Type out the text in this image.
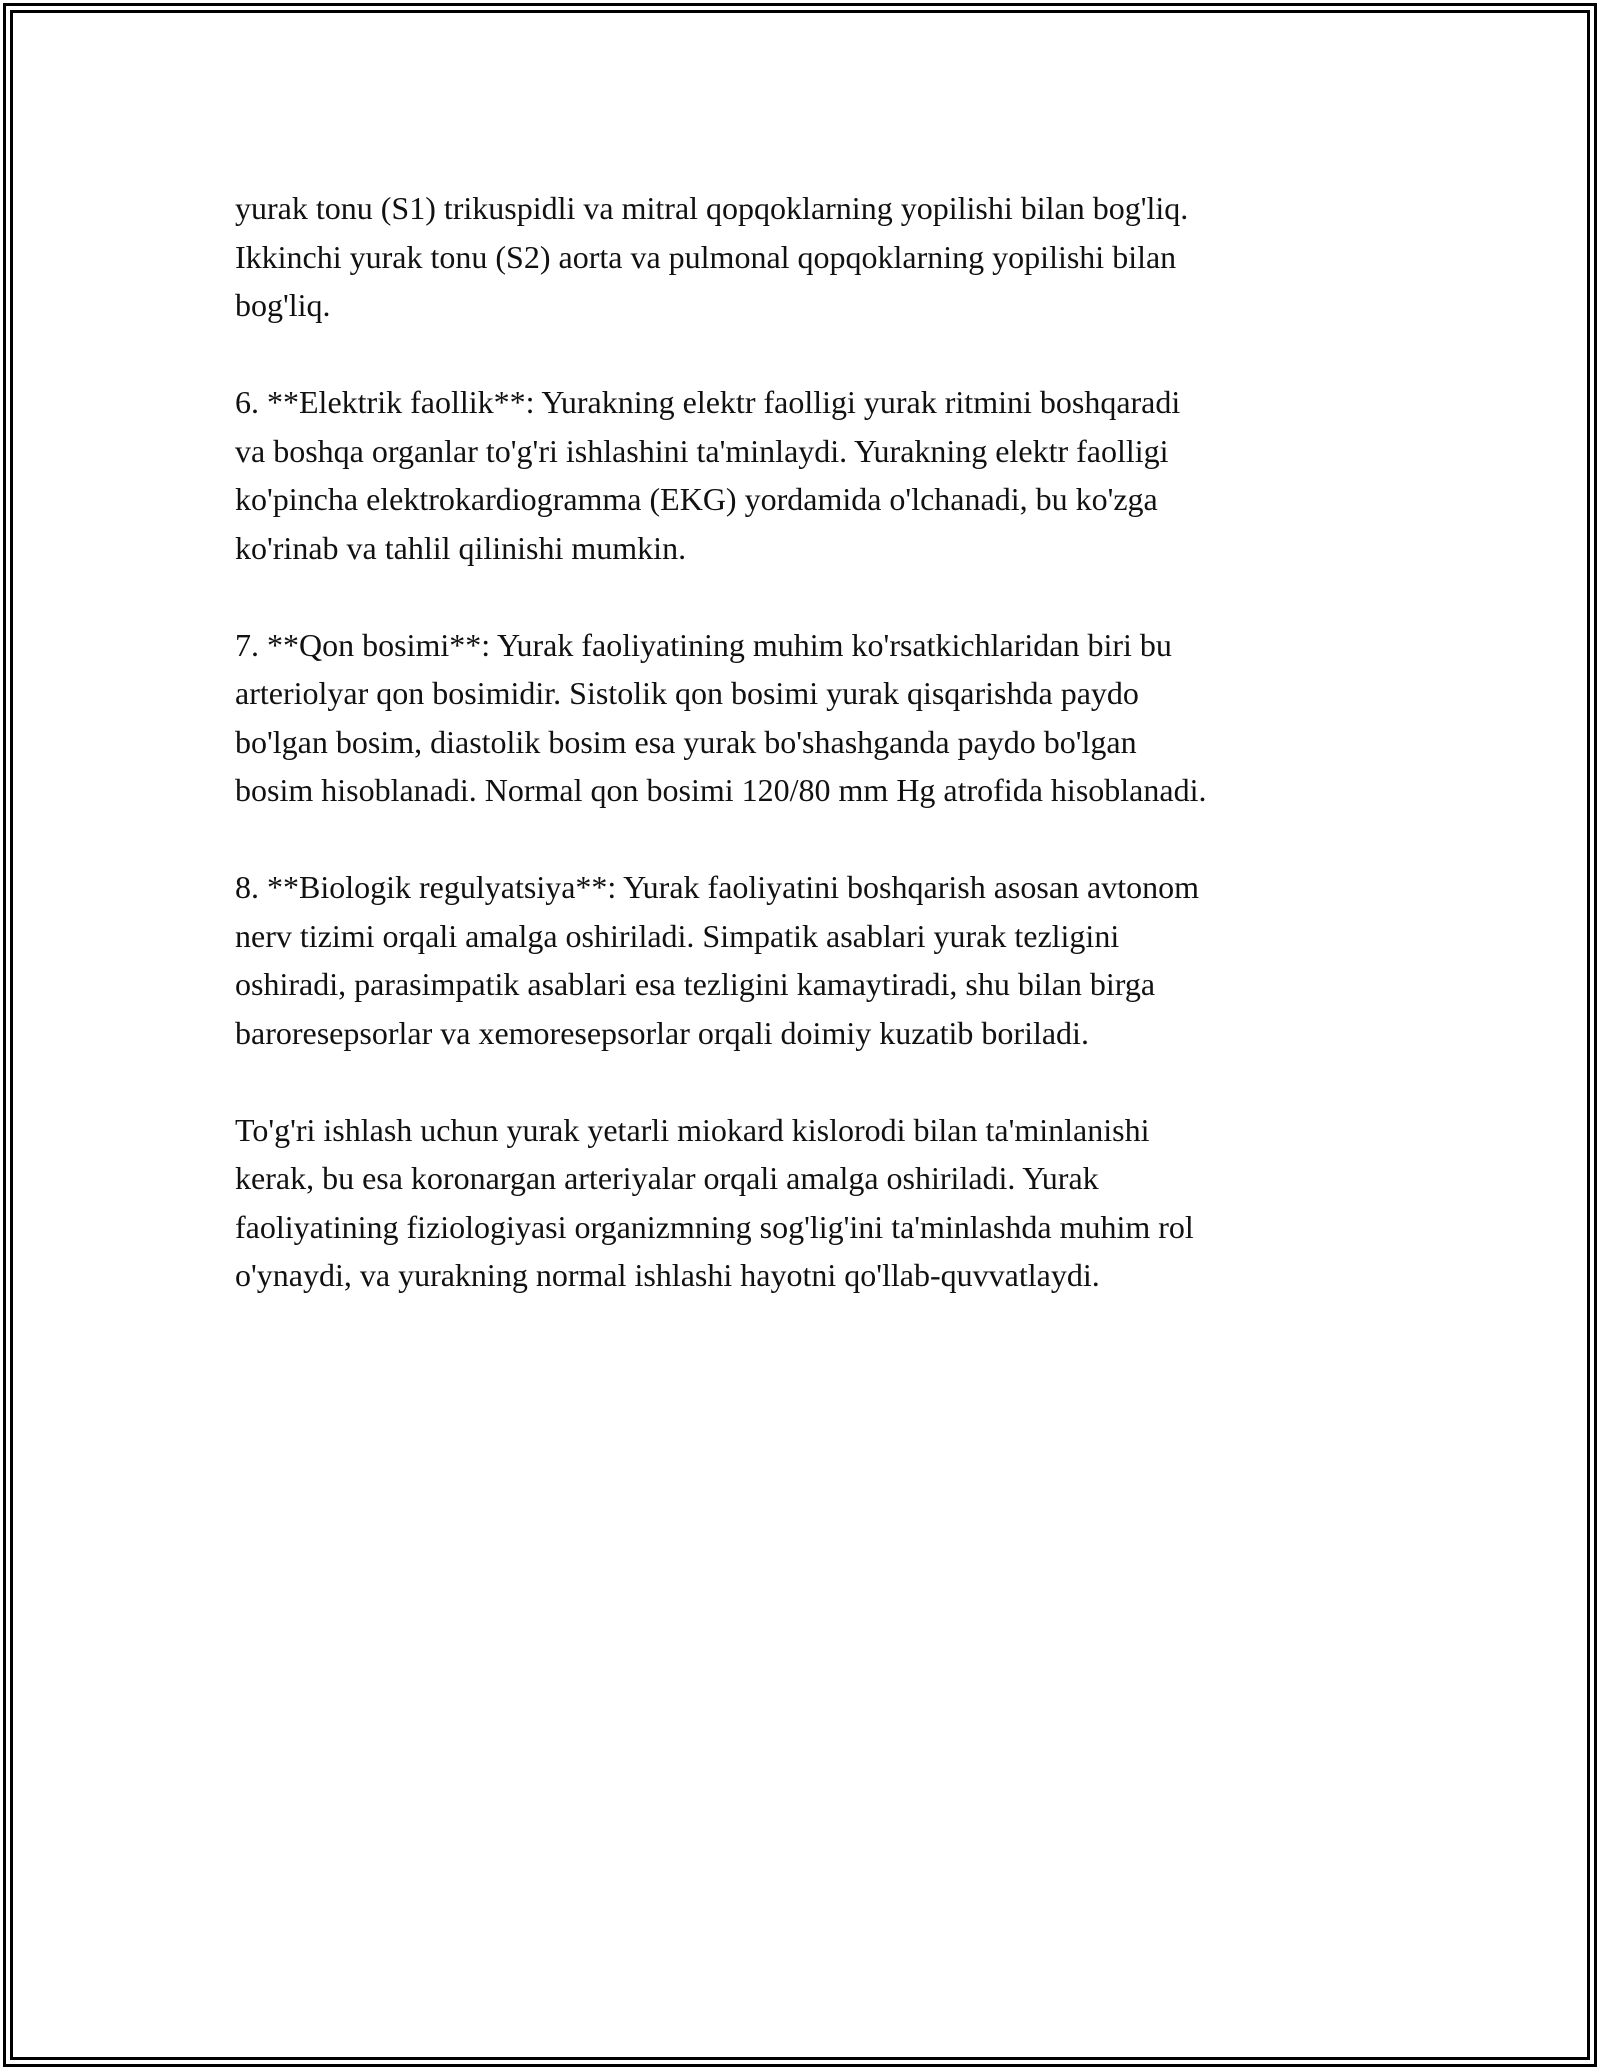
yurak tonu (S1) trikuspidli va mitral qopqoklarning yopilishi bilan bog'liq.
Ikkinchi yurak tonu (S2) aorta va pulmonal qopqoklarning yopilishi bilan
bog'liq.

6. **Elektrik faollik**: Yurakning elektr faolligi yurak ritmini boshqaradi
va boshqa organlar to'g'ri ishlashini ta'minlaydi. Yurakning elektr faolligi
ko'pincha elektrokardiogramma (EKG) yordamida o'lchanadi, bu ko'zga
ko'rinab va tahlil qilinishi mumkin.

7. **Qon bosimi**: Yurak faoliyatining muhim ko'rsatkichlaridan biri bu
arteriolyar qon bosimidir. Sistolik qon bosimi yurak qisqarishda paydo
bo'lgan bosim, diastolik bosim esa yurak bo'shashganda paydo bo'lgan
bosim hisoblanadi. Normal qon bosimi 120/80 mm Hg atrofida hisoblanadi.

8. **Biologik regulyatsiya**: Yurak faoliyatini boshqarish asosan avtonom
nerv tizimi orqali amalga oshiriladi. Simpatik asablari yurak tezligini
oshiradi, parasimpatik asablari esa tezligini kamaytiradi, shu bilan birga
baroresepsorlar va xemoresepsorlar orqali doimiy kuzatib boriladi.

To'g'ri ishlash uchun yurak yetarli miokard kislorodi bilan ta'minlanishi
kerak, bu esa koronargan arteriyalar orqali amalga oshiriladi. Yurak
faoliyatining fiziologiyasi organizmning sog'lig'ini ta'minlashda muhim rol
o'ynaydi, va yurakning normal ishlashi hayotni qo'llab-quvvatlaydi.
